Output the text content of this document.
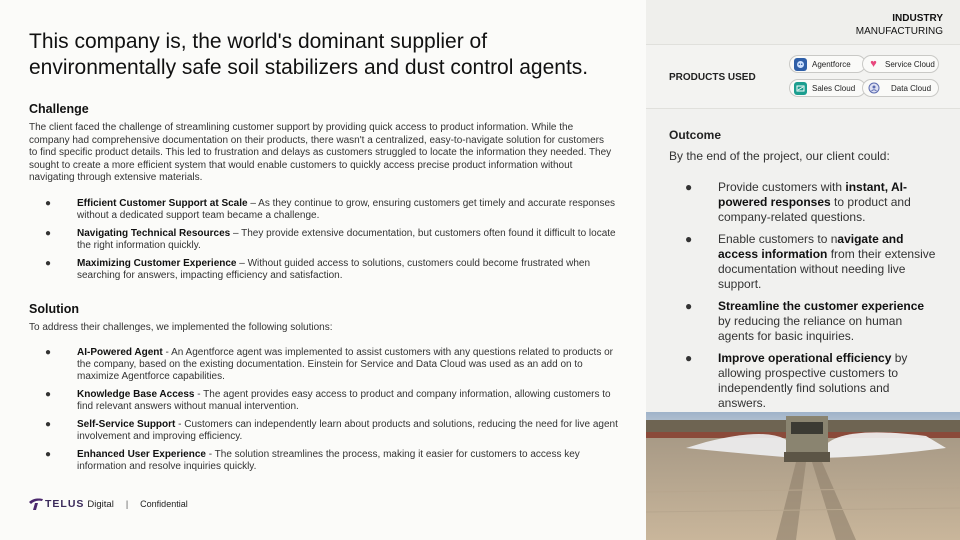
This company is, the world's dominant supplier of environmentally safe soil stabilizers and dust control agents.
Challenge
The client faced the challenge of streamlining customer support by providing quick access to product information. While the company had comprehensive documentation on their products, there wasn't a centralized, easy-to-navigate solution for customers to find specific product details. This led to frustration and delays as customers struggled to locate the information they needed. They sought to create a more efficient system that would enable customers to quickly access precise product information without navigating through extensive materials.
●	Efficient Customer Support at Scale – As they continue to grow, ensuring customers get timely and accurate responses without a dedicated support team became a challenge.
●	Navigating Technical Resources – They provide extensive documentation, but customers often found it difficult to locate the right information quickly.
●	Maximizing Customer Experience – Without guided access to solutions, customers could become frustrated when searching for answers, impacting efficiency and satisfaction.
Solution
To address their challenges, we implemented the following solutions:
●	AI-Powered Agent - An Agentforce agent was implemented to assist customers with any questions related to products or the company, based on the existing documentation. Einstein for Service and Data Cloud was used as an add on to maximize Agentforce capabilities.
●	Knowledge Base Access - The agent provides easy access to product and company information, allowing customers to find relevant answers without manual intervention.
●	Self-Service Support - Customers can independently learn about products and solutions, reducing the need for live agent involvement and improving efficiency.
●	Enhanced User Experience - The solution streamlines the process, making it easier for customers to access key information and resolve inquiries quickly.
TELUS Digital | Confidential
INDUSTRY
MANUFACTURING
PRODUCTS USED
Agentforce ♥	Service Cloud
Sales Cloud	Data Cloud
Outcome
By the end of the project, our client could:
● Provide customers with instant, AI-powered responses to product and company-related questions.
● Enable customers to navigate and access information from their extensive documentation without needing live support.
● Streamline the customer experience by reducing the reliance on human agents for basic inquiries.
● Improve operational efficiency by allowing prospective customers to independently find solutions and answers.
